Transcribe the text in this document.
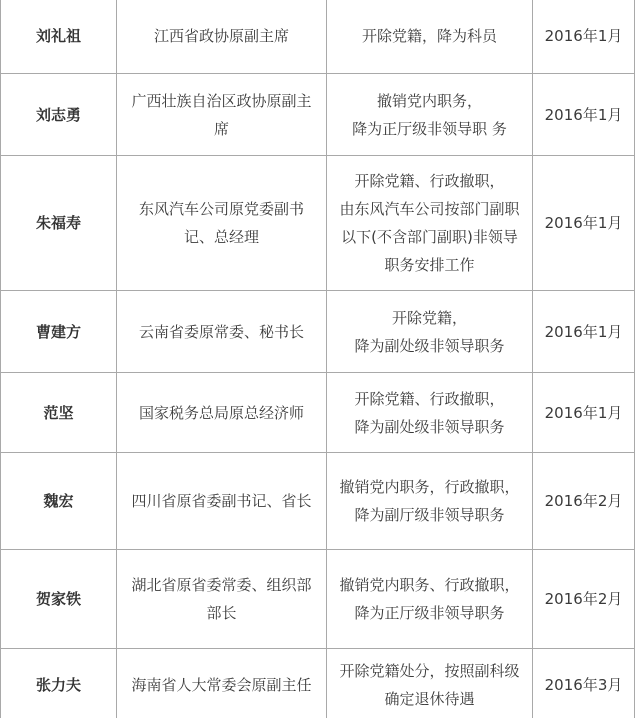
刘礼祖	江西省政协原副主席	开除党籍，降为科员	2016年1月
刘志勇	广西壮族自治区政协原副主席	撤销党内职务，
降为正厅级非领导职 务	2016年1月
朱福寿	东风汽车公司原党委副书记、总经理	开除党籍、行政撤职，
由东风汽车公司按部门副职以下(不含部门副职)非领导职务安排工作	2016年1月
曹建方	云南省委原常委、秘书长	开除党籍，
降为副处级非领导职务	2016年1月
范坚	国家税务总局原总经济师	开除党籍、行政撤职，
降为副处级非领导职务	2016年1月
魏宏	四川省原省委副书记、省长	撤销党内职务，行政撤职，降为副厅级非领导职务	2016年2月
贺家铁	湖北省原省委常委、组织部部长	撤销党内职务、行政撤职，降为正厅级非领导职务	2016年2月
张力夫	海南省人大常委会原副主任	开除党籍处分，按照副科级确定退休待遇	2016年3月
